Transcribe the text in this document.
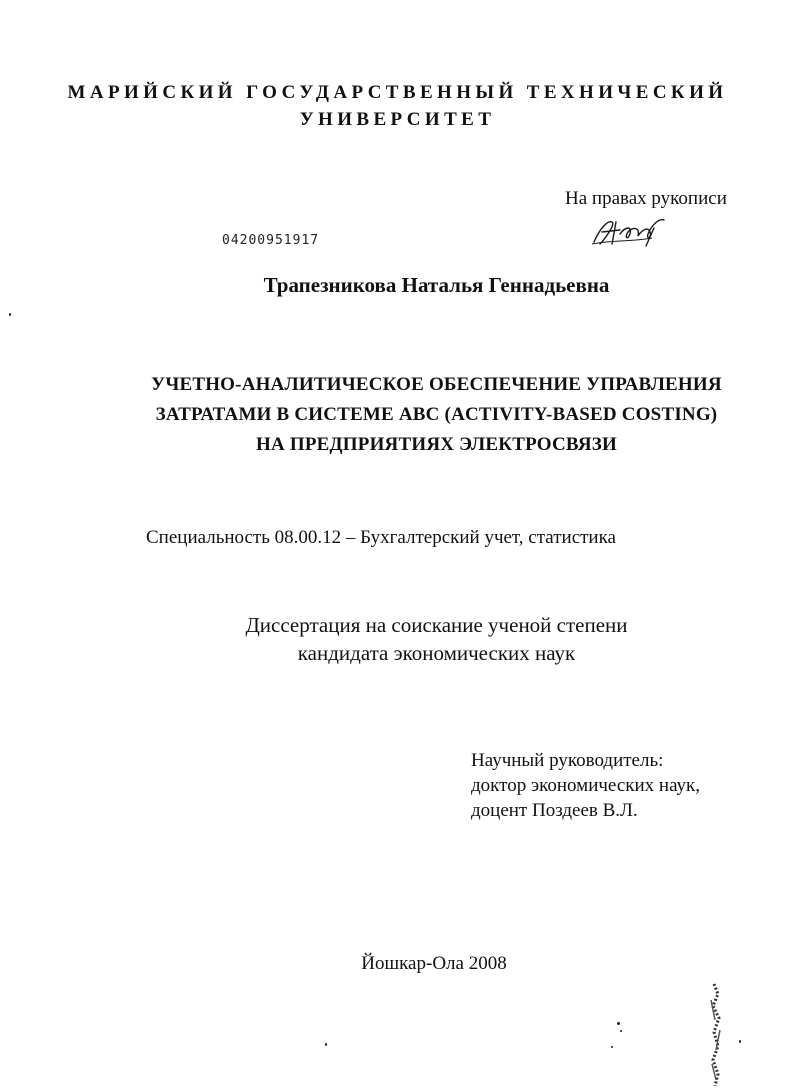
МАРИЙСКИЙ ГОСУДАРСТВЕННЫЙ ТЕХНИЧЕСКИЙ
УНИВЕРСИТЕТ
На правах рукописи
04200951917
Трапезникова Наталья Геннадьевна
УЧЕТНО-АНАЛИТИЧЕСКОЕ ОБЕСПЕЧЕНИЕ УПРАВЛЕНИЯ
ЗАТРАТАМИ В СИСТЕМЕ ABC (ACTIVITY-BASED COSTING)
НА ПРЕДПРИЯТИЯХ ЭЛЕКТРОСВЯЗИ
Специальность 08.00.12 – Бухгалтерский учет, статистика
Диссертация на соискание ученой степени
кандидата экономических наук
Научный руководитель:
доктор экономических наук,
доцент Поздеев В.Л.
Йошкар-Ола 2008
